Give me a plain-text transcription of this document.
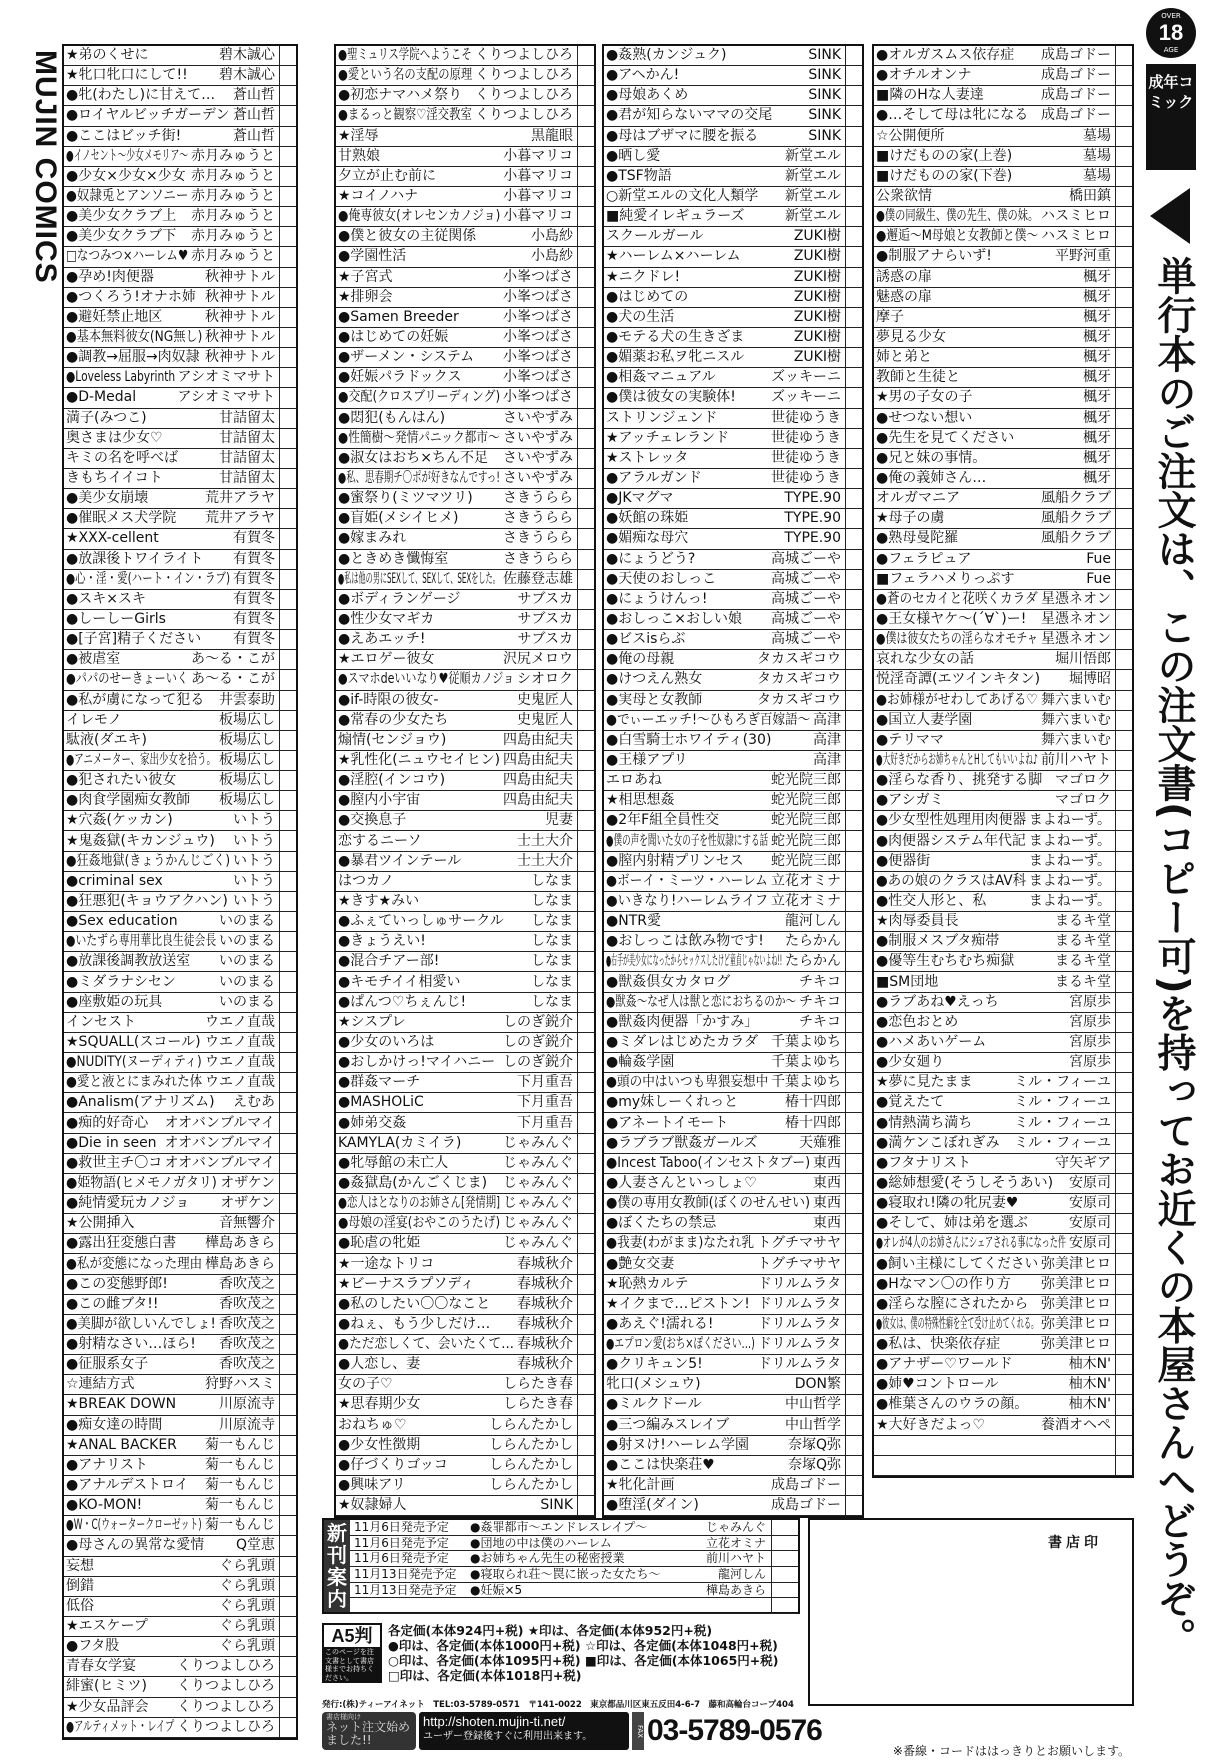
MUJIN COMICS ★弟のくせに	碧木誠心
★牝口牝口にして!!	碧木誠心
●牝(わたし)に甘えて…	蒼山哲
●ロイヤルビッチガーデン 蒼山哲
●ここはビッチ街!	蒼山哲
●イノセント〜少女メモリア〜 赤月みゅうと
●少女×少女×少女 赤月みゅうと
●奴隷兎とアンソニー 赤月みゅうと
●美少女クラブ上	赤月みゅうと
●美少女クラブ下	赤月みゅうと
□なつみつ×ハーレム♥ 赤月みゅうと
●孕め!肉便器	秋神サトル
●つくろう!オナホ姉 秋神サトル
●避妊禁止地区	秋神サトル
●基本無料彼女(NG無し) 秋神サトル
●調教→屈服→肉奴隷 秋神サトル
●Loveless Labyrinth アシオミマサト
●D-Medal	アシオミマサト
満子(みつこ)	甘詰留太
奥さまは少女♡	甘詰留太
キミの名を呼べば	甘詰留太
きもちイイコト	甘詰留太
●美少女崩壊	荒井アラヤ
●催眠メス犬学院	荒井アラヤ
★XXX-cellent	有賀冬
●放課後トワイライト	有賀冬
●心・淫・愛(ハート・イン・ラブ) 有賀冬
●スキ×スキ	有賀冬
●しーしーGirls	有賀冬
●[子宮]精子ください	有賀冬
●被虐室	あ〜る・こが
●パパのせーきょーいく あ〜る・こが
●私が虜になって犯る	井雲泰助
イレモノ	板場広し
駄液(ダエキ)	板場広し
●アニメーター、家出少女を拾う。 板場広し
●犯されたい彼女	板場広し
●肉食学園痴女教師	板場広し
★穴姦(ケッカン)	いトう
★鬼姦獄(キカンジュウ)	いトう
●狂姦地獄(きょうかんじごく) いトう
●criminal sex	いトう
●狂悪犯(キョウアクハン) いトう
●Sex education	いのまる
●いたずら専用華比良生徒会長 いのまる
●放課後調教放送室	いのまる
●ミダラナシセン	いのまる
●座敷姫の玩具	いのまる
インセスト	ウエノ直哉
★SQUALL(スコール) ウエノ直哉
●NUDITY(ヌーディティ) ウエノ直哉
●愛と液とにまみれた体 ウエノ直哉
●Analism(アナリズム)	えむあ
●痴的好奇心	オオバンブルマイ
●Die in seen オオバンブルマイ
●救世主チ〇コ オオバンブルマイ
●姫物語(ヒメモノガタリ) オザケン
●純情愛玩カノジョ	オザケン
★公開挿入	音無響介
●露出狂変態白書	樺島あきら
●私が変態になった理由 樺島あきら
●この変態野郎!	香吹茂之
●この雌ブタ!!	香吹茂之
●美脚が欲しいんでしょ! 香吹茂之
●射精なさい…ほら!	香吹茂之
●征服系女子	香吹茂之
☆連結方式	狩野ハスミ
★BREAK DOWN	川原流寺
●痴女達の時間	川原流寺
★ANAL BACKER	菊一もんじ
●アナリスト	菊一もんじ
●アナルデストロイ	菊一もんじ
●KO-MON!	菊一もんじ
●W・C(ウォータークローゼット) 菊一もんじ
●母さんの異常な愛情	Q堂恵
妄想	ぐら乳頭
倒錯	ぐら乳頭
低俗	ぐら乳頭
★エスケープ	ぐら乳頭
●フタ股	ぐら乳頭
青春女学宴	くりつよしひろ
緋蜜(ヒミツ)	くりつよしひろ
★少女品評会	くりつよしひろ
●アルティメット・レイプ くりつよしひろ
●聖ミュリス学院へようこそ くりつよしひろ
●愛という名の支配の原理 くりつよしひろ
●初恋ナマハメ祭り くりつよしひろ
●まるっと観察♡淫交教室 くりつよしひろ
★淫辱	黒龍眼
甘熟娘	小暮マリコ
夕立が止む前に	小暮マリコ
★コイノハナ	小暮マリコ
●俺専彼女(オレセンカノジョ) 小暮マリコ
●僕と彼女の主従関係	小島紗
●学園性活	小島紗
★子宮式	小峯つばさ
★排卵会	小峯つばさ
●Samen Breeder	小峯つばさ
●はじめての妊娠	小峯つばさ
●ザーメン・システム	小峯つばさ
●妊娠パラドックス	小峯つばさ
●交配(クロスブリーディング) 小峯つばさ
●悶犯(もんはん)	さいやずみ
●性簡樹〜発情パニック都市〜 さいやずみ
●淑女はおち×ちん不足	さいやずみ
●私、思春期チ〇ポが好きなんですっ! さいやずみ
●蜜祭り(ミツマツリ)	さきうらら
●盲姫(メシイヒメ)	さきうらら
●嫁まみれ	さきうらら
●ときめき懺悔室	さきうらら
●私は他の男にSEXして、SEXして、SEXをした。 佐藤登志雄
●ボディランゲージ	サブスカ
●性少女マギカ	サブスカ
●えあエッチ!	サブスカ
★エロゲー彼女	沢尻メロウ
●スマホdeいいなり♥従順カノジョ シオロク
●if-時限の彼女-	史鬼匠人
●常春の少女たち	史鬼匠人
煽情(センジョウ)	四島由紀夫
★乳性化(ニュウセイヒン) 四島由紀夫
●淫腔(インコウ)	四島由紀夫
●膣内小宇宙	四島由紀夫
●交換息子	児妻
恋するニーソ	士土大介
●暴君ツインテール	士土大介
はつカノ	しなま
★きす★みい	しなま
●ふぇていっしゅサークル	しなま
●きょうえい!	しなま
●混合チアー部!	しなま
●キモチイイ相愛い	しなま
●ぱんつ♡ちぇんじ!	しなま
★シスプレ	しのぎ鋭介
●少女のいろは	しのぎ鋭介
●おしかけっ!マイハニー しのぎ鋭介
●群姦マーチ	下月重吾
●MASHOLiC	下月重吾
●姉弟交姦	下月重吾
KAMYLA(カミイラ)	じゃみんぐ
●牝辱館の未亡人	じゃみんぐ
●姦獄島(かんごくじま)	じゃみんぐ
●恋人はとなりのお姉さん[発情期] じゃみんぐ
●母娘の淫宴(おやこのうたげ) じゃみんぐ
●恥虐の牝姫	じゃみんぐ
★一途なトリコ	春城秋介
★ビーナスラプソディ	春城秋介
●私のしたい〇〇なこと	春城秋介
●ねぇ、もう少しだけ…	春城秋介
●ただ恋しくて、会いたくて… 春城秋介
●人恋し、妻	春城秋介
女の子♡	しらたき春
★思春期少女	しらたき春
おねちゅ♡	しらんたかし
●少女性徴期	しらんたかし
●仔づくりゴッコ	しらんたかし
●興味アリ	しらんたかし
★奴隷婦人	SINK
●姦熟(カンジュク)	SINK
●アヘかん!	SINK
●母娘あくめ	SINK
●君が知らないママの交尾	SINK
●母はブザマに腰を振る	SINK
●晒し愛	新堂エル
●TSF物語	新堂エル
○新堂エルの文化人類学	新堂エル
■純愛イレギュラーズ	新堂エル
スクールガール	ZUKI樹
★ハーレム×ハーレム	ZUKI樹
★ニクドレ!	ZUKI樹
●はじめての	ZUKI樹
●犬の生活	ZUKI樹
●モテる犬の生きざま	ZUKI樹
●媚薬お私ヲ牝ニスル	ZUKI樹
●相姦マニュアル	ズッキーニ
●僕は彼女の実験体!	ズッキーニ
ストリンジェンド	世徒ゆうき
★アッチェレランド	世徒ゆうき
★ストレッタ	世徒ゆうき
●アラルガンド	世徒ゆうき
●JKマグマ	TYPE.90
●妖館の珠姫	TYPE.90
●媚痴な母穴	TYPE.90
●にょうどう?	高城ごーや
●天使のおしっこ	高城ごーや
●にょうけんっ!	高城ごーや
●おしっこ×おしい娘	高城ごーや
●ビスisらぶ	高城ごーや
●俺の母親	タカスギコウ
●けつえん熟女	タカスギコウ
●実母と女教師	タカスギコウ
●でぃーエッチ!〜ひもろぎ百嫁語〜 高津
●白雪騎士ホワイティ(30)	高津
●王様アプリ	高津
エロあね	蛇光院三郎
★相思想姦	蛇光院三郎
●2年F組全員性交	蛇光院三郎
●僕の声を聞いた女の子を性奴隷にする話 蛇光院三郎
●膣内射精プリンセス	蛇光院三郎
●ボーイ・ミーツ・ハーレム 立花オミナ
●いきなり!ハーレムライフ 立花オミナ
●NTR愛	龍河しん
●おしっこは飲み物です!	たらかん
●右手が美少女になったからセックスしたけど童貞じゃないよね!! たらかん
●獣姦倶女カタログ	チキコ
●獣姦〜なぜ人は獣と恋におちるのか〜 チキコ
●獣姦肉便器「かすみ」	チキコ
●ミダレはじめたカラダ 千葉よゆち
●輪姦学園	千葉よゆち
●頭の中はいつも卑猥妄想中 千葉よゆち
●my妹しーくれっと	椿十四郎
●アネートイモート	椿十四郎
●ラブラブ獣姦ガールズ	天薙雅
●Incest Taboo(インセストタブー) 東西
●人妻さんといっしょ♡	東西
●僕の専用女教師(ぼくのせんせい) 東西
●ぼくたちの禁忌	東西
●我妻(わがまま)なたれ乳 トグチマサヤ
●艶女交妻	トグチマサヤ
★恥熱カルテ	ドリルムラタ
★イクまで…ピストン! ドリルムラタ
●あえぐ!濡れる!	ドリルムラタ
●エプロン愛(おち×ぽください…) ドリルムラタ
●クリキュン5!	ドリルムラタ
牝口(メシュウ)	DON繁
●ミルクドール	中山哲学
●三つ編みスレイブ	中山哲学
●射ヌけ!ハーレム学園	奈塚Q弥
●ここは快楽荘♥	奈塚Q弥
★牝化計画	成島ゴドー
●堕淫(ダイン)	成島ゴドー
●オルガスムス依存症	成島ゴドー
●オチルオンナ	成島ゴドー
■隣のHな人妻達	成島ゴドー
●…そして母は牝になる 成島ゴドー
☆公開便所	墓場
■けだものの家(上巻)	墓場
■けだものの家(下巻)	墓場
公衆欲情	橋田鎮
●僕の同級生、僕の先生、僕の妹。 ハスミヒロ
●邂逅〜M母娘と女教師と僕〜 ハスミヒロ
●制服アナらいず!	平野河重
誘惑の扉	楓牙
魅惑の扉	楓牙
摩子	楓牙
夢見る少女	楓牙
姉と弟と	楓牙
教師と生徒と	楓牙
★男の子女の子	楓牙
●せつない想い	楓牙
●先生を見てください	楓牙
●兄と妹の事情。	楓牙
●俺の義姉さん…	楓牙
オルガマニア	風船クラブ
★母子の虜	風船クラブ
●熟母曼陀羅	風船クラブ
●フェラピュア	Fue
■フェラハメりっぷす	Fue
●蒼のセカイと花咲くカラダ 星憑ネオン
●王女様ヤケ〜(´∀`)ー!	星憑ネオン
●僕は彼女たちの淫らなオモチャ 星憑ネオン
哀れな少女の話	堀川悟郎
悦淫奇譚(エツインキタン)	堀博昭
●お姉様がせわしてあげる♡ 舞六まいむ
●国立人妻学園	舞六まいむ
●テリママ	舞六まいむ
●大好きだからお姉ちゃんとHしてもいいよね♪ 前川ハヤト
●淫らな香り、挑発する脚 マゴロク
●アシガミ	マゴロク
●少女型性処理用肉便器 まよねーず。
●肉便器システム年代記 まよねーず。
●便器街	まよねーず。
●あの娘のクラスはAV科 まよねーず。
●性交人形と、私	まよねーず。
★肉辱委員長	まるキ堂
●制服メスブタ痴帯	まるキ堂
●優等生むちむち痴獄	まるキ堂
■SM団地	まるキ堂
●ラブあね♥えっち	宮原歩
●恋色おとめ	宮原歩
●ハメあいゲーム	宮原歩
●少女廻り	宮原歩
★夢に見たまま	ミル・フィーユ
●覚えたて	ミル・フィーユ
●情熱満ち満ち	ミル・フィーユ
●満ケンこぼれぎみ	ミル・フィーユ
●フタナリスト	守矢ギア
●総姉想愛(そうしそうあい)	安原司
●寝取れ!隣の牝尻妻♥	安原司
●そして、姉は弟を選ぶ	安原司
●オレが4人のお姉さんにシェアされる事になった件 安原司
●飼い主様にしてください 弥美津ヒロ
●Hなマン〇の作り方	弥美津ヒロ
●淫らな膣にされたから 弥美津ヒロ
●彼女は、僕の特殊性癖を全て受け止めてくれる。 弥美津ヒロ
●私は、快楽依存症	弥美津ヒロ
●アナザー♡ワールド	柚木N'
●姉♥コントロール	柚木N'
●椎葉さんのウラの顔。	柚木N'
★大好きだよっ♡	養酒オヘペ
新
刊
案
内
11月6日発売予定	●姦罪都市〜エンドレスレイプ〜	じゃみんぐ
11月6日発売予定	●団地の中は僕のハーレム	立花オミナ
11月6日発売予定	●お姉ちゃん先生の秘密授業	前川ハヤト
11月13日発売予定	●寝取られ荘〜罠に嵌った女たち〜	龍河しん
11月13日発売予定	●妊娠×5	樺島あきら
書店印
A5判
このページを注文書として書店様までお持ちください。
各定価(本体924円+税) ★印は、各定価(本体952円+税)
●印は、各定価(本体1000円+税) ☆印は、各定価(本体1048円+税)
○印は、各定価(本体1095円+税) ■印は、各定価(本体1065円+税)
□印は、各定価(本体1018円+税)
発行:(株)ティーアイネット　TEL:03-5789-0571　〒141-0022　東京都品川区東五反田4-6-7　藤和高輪台コープ404
書店様向け
ネット注文始めました!!
http://shoten.mujin-ti.net/
ユーザー登録後すぐに利用出来ます。	FAX 03-5789-0576
※番線・コードははっきりとお願いします。
OVER
18
AGE
成年コミック
単行本のご注文は、この注文書(コピー可)を持ってお近くの本屋さんへどうぞ。
